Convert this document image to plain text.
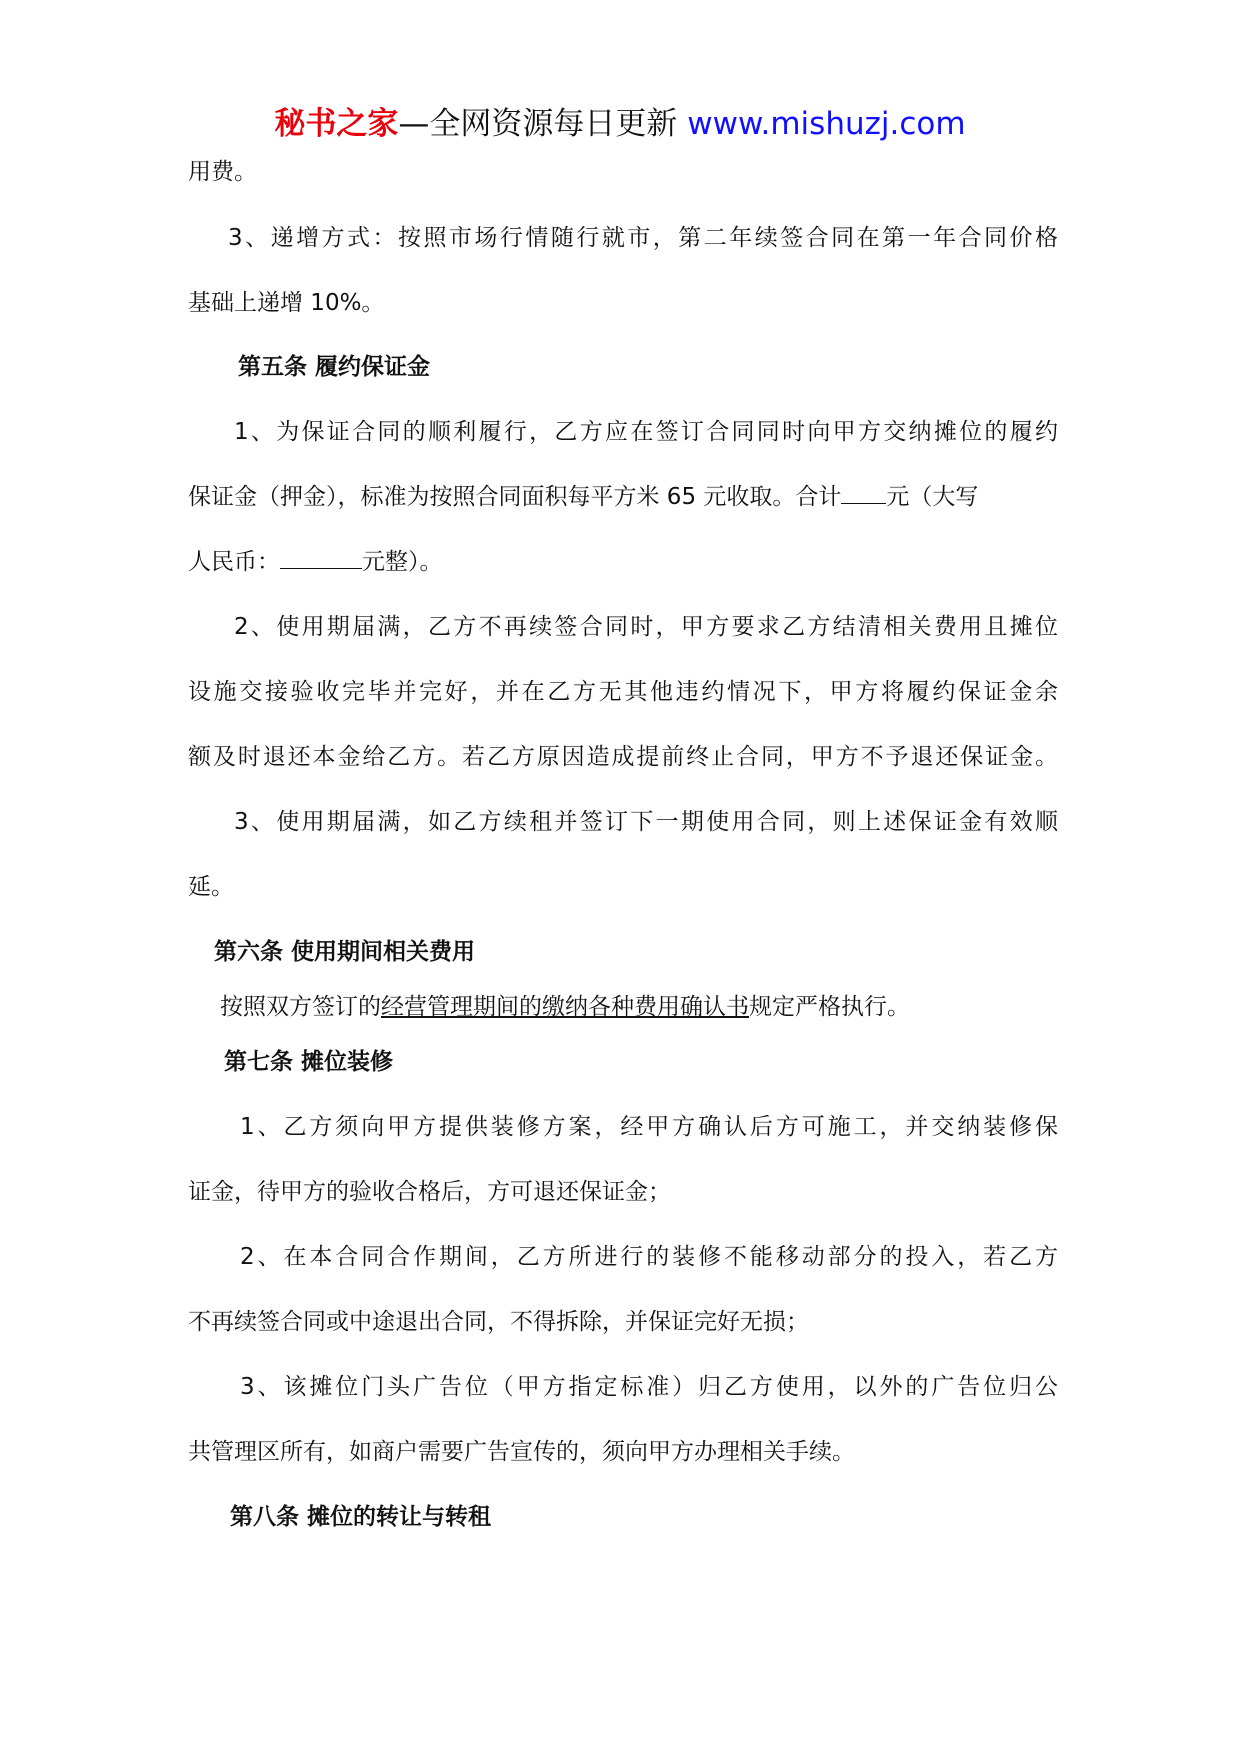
秘书之家—全网资源每日更新 www.mishuzj.com
用费。
3、递增方式：按照市场行情随行就市，第二年续签合同在第一年合同价格
基础上递增 10%。
第五条 履约保证金
1、为保证合同的顺利履行，乙方应在签订合同同时向甲方交纳摊位的履约
保证金（押金），标准为按照合同面积每平方米 65 元收取。合计 元（大写
人民币：	元整）。
2、使用期届满，乙方不再续签合同时，甲方要求乙方结清相关费用且摊位
设施交接验收完毕并完好，并在乙方无其他违约情况下，甲方将履约保证金余
额及时退还本金给乙方。若乙方原因造成提前终止合同，甲方不予退还保证金。
3、使用期届满，如乙方续租并签订下一期使用合同，则上述保证金有效顺
延。
第六条 使用期间相关费用
按照双方签订的经营管理期间的缴纳各种费用确认书规定严格执行。
第七条 摊位装修
1、乙方须向甲方提供装修方案，经甲方确认后方可施工，并交纳装修保
证金，待甲方的验收合格后，方可退还保证金；
2、在本合同合作期间，乙方所进行的装修不能移动部分的投入，若乙方
不再续签合同或中途退出合同，不得拆除，并保证完好无损；
3、该摊位门头广告位（甲方指定标准）归乙方使用，以外的广告位归公
共管理区所有，如商户需要广告宣传的，须向甲方办理相关手续。
第八条 摊位的转让与转租
